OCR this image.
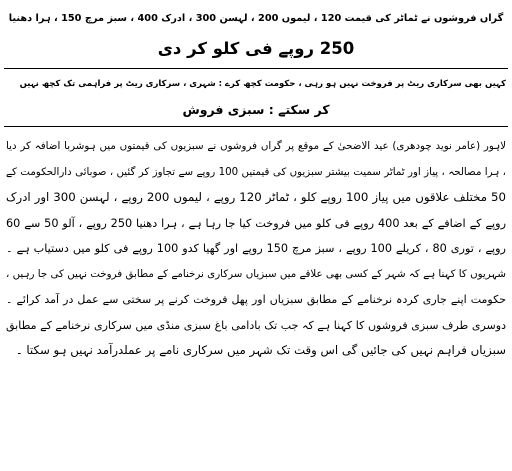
گراں فروشوں نے ٹماٹر کی قیمت 120 ، لیموں 200 ، لہسن 300 ، ادرک 400 ، سبز مرچ 150 ، ہرا دھنیا
250 روپے فی کلو کر دی
کہیں بھی سرکاری ریٹ پر فروخت نہیں ہو رہی ، حکومت کچھ کرے : شہری ، سرکاری ریٹ پر فراہمی تک کچھ نہیں
کر سکتے : سبزی فروش
لاہور (عامر نوید چودھری) عید الاضحیٰ کے موقع پر گراں فروشوں نے سبزیوں کی قیمتوں میں ہوشربا اضافہ کر دیا
، ہرا مصالحہ ، پیاز اور ٹماٹر سمیت بیشتر سبزیوں کی قیمتیں 100 روپے سے تجاوز کر گئیں ، صوبائی دارالحکومت کے
50 مختلف علاقوں میں پیاز 100 روپے کلو ، ٹماٹر 120 روپے ، لیموں 200 روپے ، لہسن 300 اور ادرک
روپے کے اضافے کے بعد 400 روپے فی کلو میں فروخت کیا جا رہا ہے ، ہرا دھنیا 250 روپے ، آلو 50 سے 60
روپے ، توری 80 ، کریلے 100 روپے ، سبز مرچ 150 روپے اور گھیا کدو 100 روپے فی کلو میں دستیاب ہے ۔
شہریوں کا کہنا ہے کہ شہر کے کسی بھی علاقے میں سبزیاں سرکاری نرخنامے کے مطابق فروخت نہیں کی جا رہیں ،
حکومت اپنے جاری کردہ نرخنامے کے مطابق سبزیاں اور پھل فروخت کرنے پر سختی سے عمل در آمد کرائے ۔
دوسری طرف سبزی فروشوں کا کہنا ہے کہ جب تک بادامی باغ سبزی منڈی میں سرکاری نرخنامے کے مطابق
سبزیاں فراہم نہیں کی جائیں گی اس وقت تک شہر میں سرکاری نامے پر عملدرآمد نہیں ہو سکتا ۔
